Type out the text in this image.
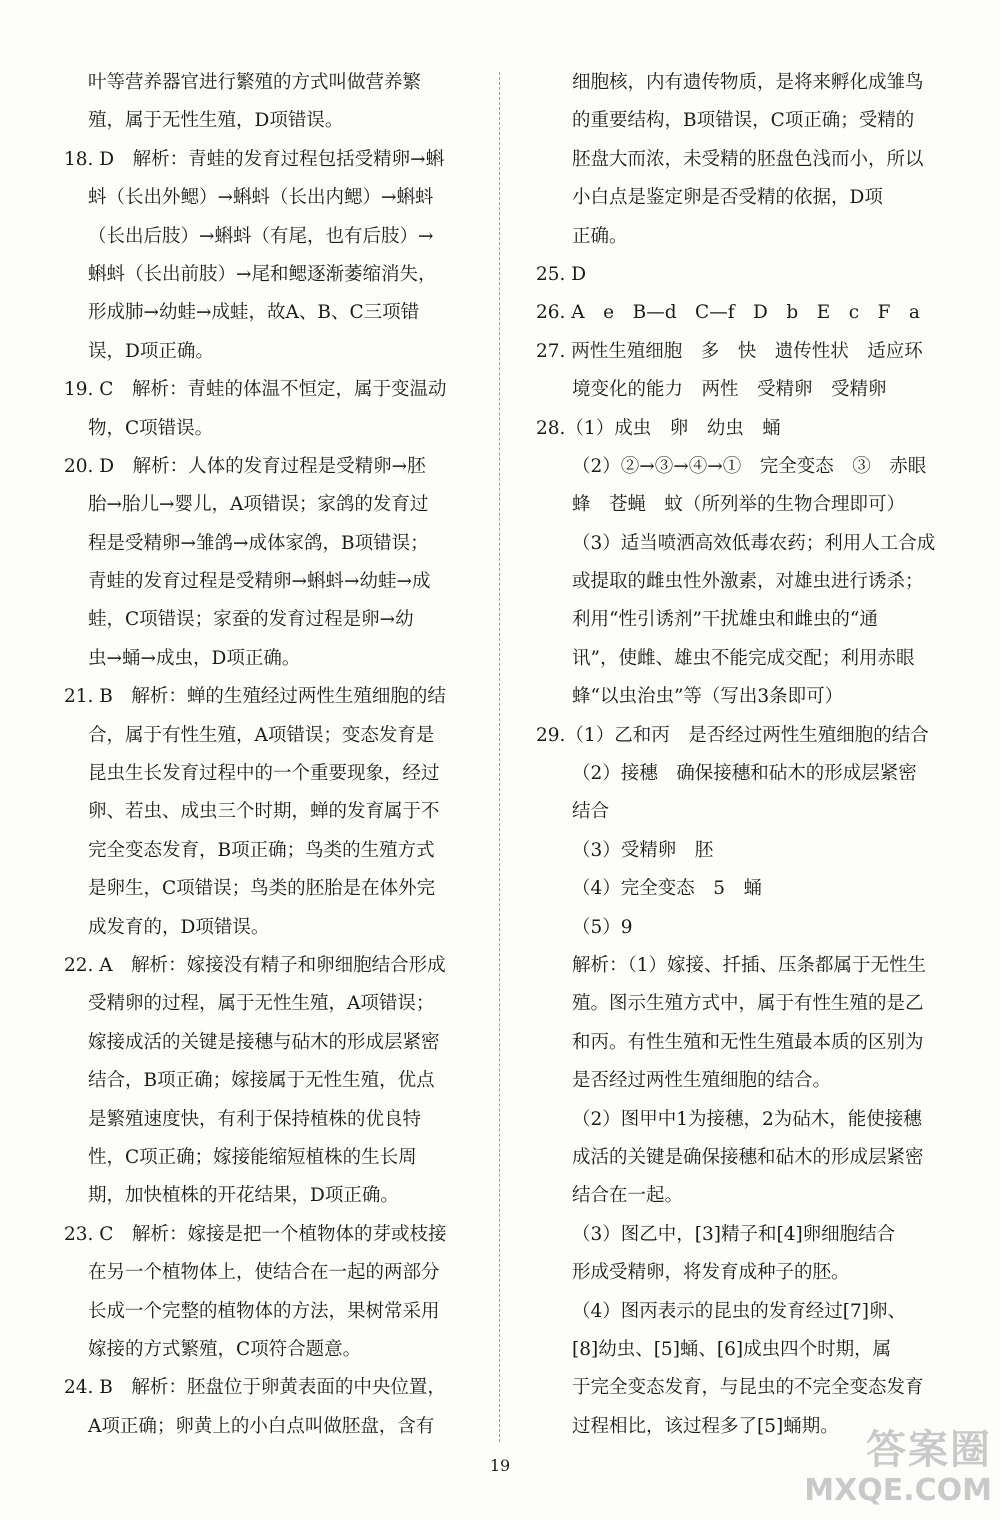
叶等营养器官进行繁殖的方式叫做营养繁
殖，属于无性生殖，D项错误。
18. D　解析：青蛙的发育过程包括受精卵→蝌
蚪（长出外鳃）→蝌蚪（长出内鳃）→蝌蚪
（长出后肢）→蝌蚪（有尾，也有后肢）→
蝌蚪（长出前肢）→尾和鳃逐渐萎缩消失，
形成肺→幼蛙→成蛙，故A、B、C三项错
误，D项正确。
19. C　解析：青蛙的体温不恒定，属于变温动
物，C项错误。
20. D　解析：人体的发育过程是受精卵→胚
胎→胎儿→婴儿，A项错误；家鸽的发育过
程是受精卵→雏鸽→成体家鸽，B项错误；
青蛙的发育过程是受精卵→蝌蚪→幼蛙→成
蛙，C项错误；家蚕的发育过程是卵→幼
虫→蛹→成虫，D项正确。
21. B　解析：蝉的生殖经过两性生殖细胞的结
合，属于有性生殖，A项错误；变态发育是
昆虫生长发育过程中的一个重要现象，经过
卵、若虫、成虫三个时期，蝉的发育属于不
完全变态发育，B项正确；鸟类的生殖方式
是卵生，C项错误；鸟类的胚胎是在体外完
成发育的，D项错误。
22. A　解析：嫁接没有精子和卵细胞结合形成
受精卵的过程，属于无性生殖，A项错误；
嫁接成活的关键是接穗与砧木的形成层紧密
结合，B项正确；嫁接属于无性生殖，优点
是繁殖速度快，有利于保持植株的优良特
性，C项正确；嫁接能缩短植株的生长周
期，加快植株的开花结果，D项正确。
23. C　解析：嫁接是把一个植物体的芽或枝接
在另一个植物体上，使结合在一起的两部分
长成一个完整的植物体的方法，果树常采用
嫁接的方式繁殖，C项符合题意。
24. B　解析：胚盘位于卵黄表面的中央位置，
A项正确；卵黄上的小白点叫做胚盘，含有
细胞核，内有遗传物质，是将来孵化成雏鸟
的重要结构，B项错误，C项正确；受精的
胚盘大而浓，未受精的胚盘色浅而小，所以
小白点是鉴定卵是否受精的依据，D项
正确。
25. D
26. A　e　B—d　C—f　D　b　E　c　F　a
27. 两性生殖细胞　多　快　遗传性状　适应环
境变化的能力　两性　受精卵　受精卵
28.（1）成虫　卵　幼虫　蛹
（2）②→③→④→①　完全变态　③　赤眼
蜂　苍蝇　蚊（所列举的生物合理即可）
（3）适当喷洒高效低毒农药；利用人工合成
或提取的雌虫性外激素，对雄虫进行诱杀；
利用“性引诱剂”干扰雄虫和雌虫的“通
讯”，使雌、雄虫不能完成交配；利用赤眼
蜂“以虫治虫”等（写出3条即可）
29.（1）乙和丙　是否经过两性生殖细胞的结合
（2）接穗　确保接穗和砧木的形成层紧密
结合
（3）受精卵　胚
（4）完全变态　5　蛹
（5）9
解析：（1）嫁接、扦插、压条都属于无性生
殖。图示生殖方式中，属于有性生殖的是乙
和丙。有性生殖和无性生殖最本质的区别为
是否经过两性生殖细胞的结合。
（2）图甲中1为接穗，2为砧木，能使接穗
成活的关键是确保接穗和砧木的形成层紧密
结合在一起。
（3）图乙中，[3]精子和[4]卵细胞结合
形成受精卵，将发育成种子的胚。
（4）图丙表示的昆虫的发育经过[7]卵、
[8]幼虫、[5]蛹、[6]成虫四个时期，属
于完全变态发育，与昆虫的不完全变态发育
过程相比，该过程多了[5]蛹期。
19	答案圈
MXQE.COM
